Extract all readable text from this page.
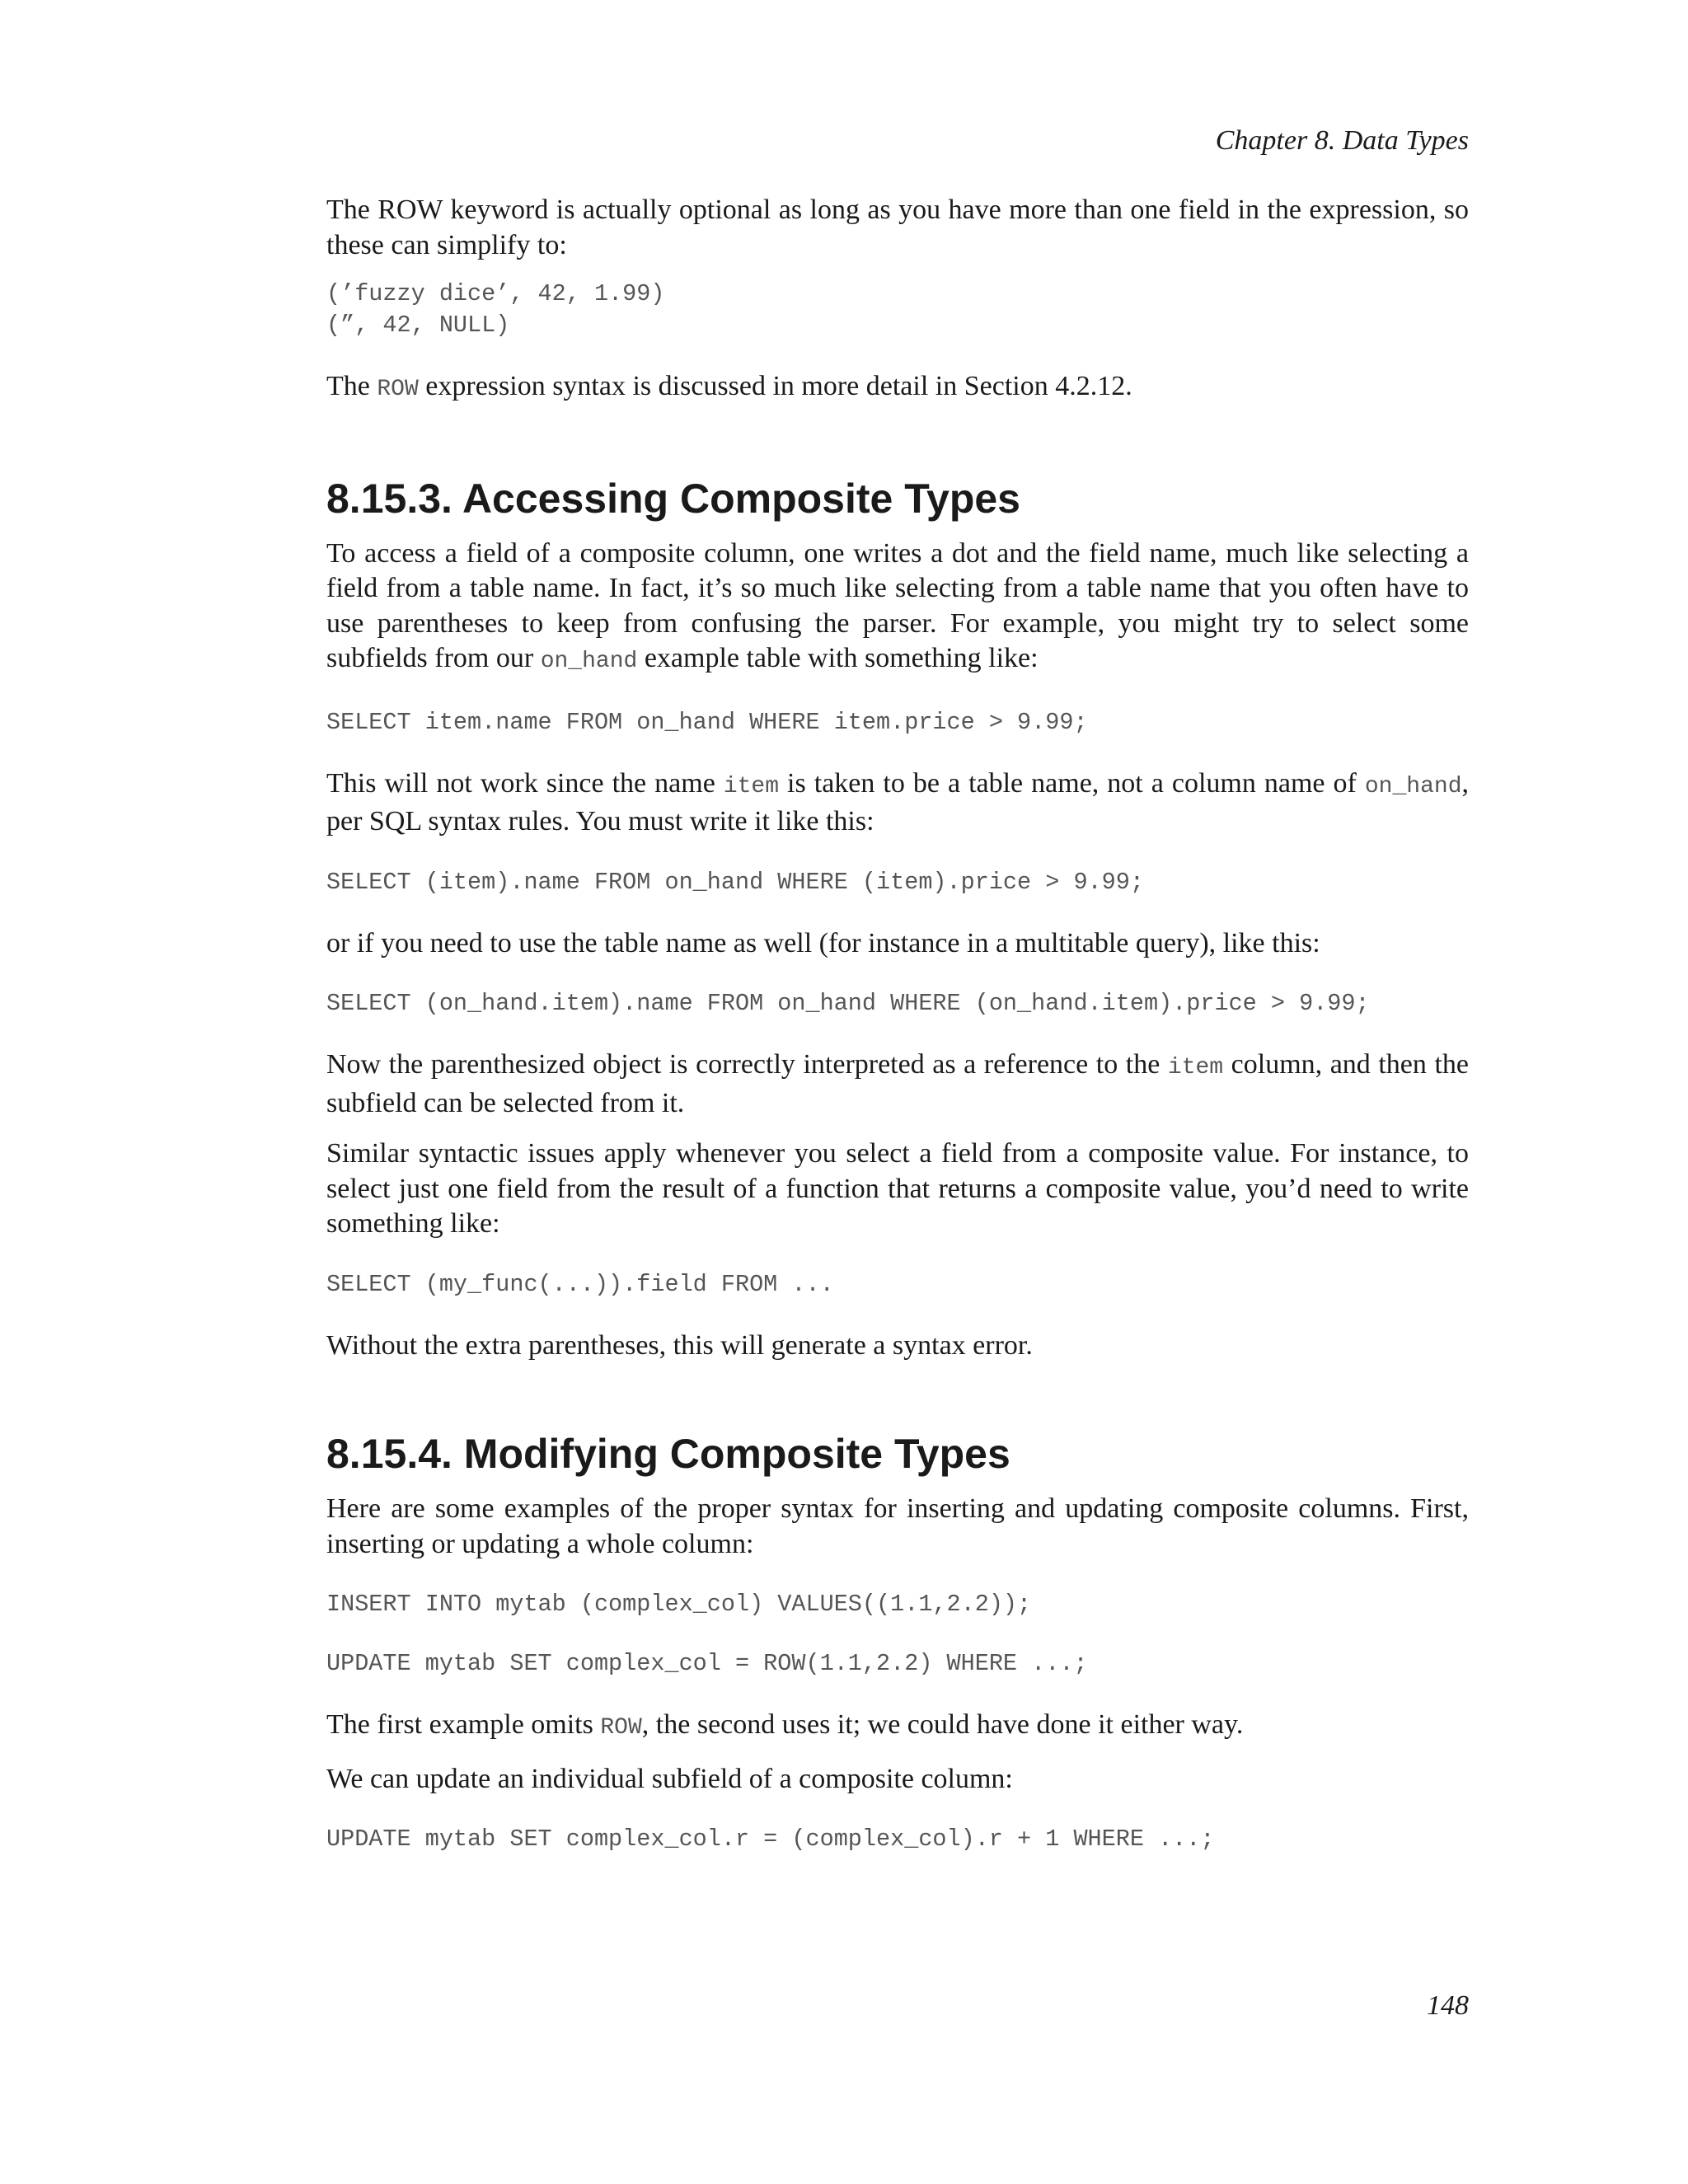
Chapter 8. Data Types

The ROW keyword is actually optional as long as you have more than one field in the expression, so these can simplify to:

(’fuzzy dice’, 42, 1.99)
(”, 42, NULL)

The ROW expression syntax is discussed in more detail in Section 4.2.12.

8.15.3. Accessing Composite Types

To access a field of a composite column, one writes a dot and the field name, much like selecting a field from a table name. In fact, it’s so much like selecting from a table name that you often have to use parentheses to keep from confusing the parser. For example, you might try to select some subfields from our on_hand example table with something like:

SELECT item.name FROM on_hand WHERE item.price > 9.99;

This will not work since the name item is taken to be a table name, not a column name of on_hand, per SQL syntax rules. You must write it like this:

SELECT (item).name FROM on_hand WHERE (item).price > 9.99;

or if you need to use the table name as well (for instance in a multitable query), like this:

SELECT (on_hand.item).name FROM on_hand WHERE (on_hand.item).price > 9.99;

Now the parenthesized object is correctly interpreted as a reference to the item column, and then the subfield can be selected from it.

Similar syntactic issues apply whenever you select a field from a composite value. For instance, to select just one field from the result of a function that returns a composite value, you’d need to write something like:

SELECT (my_func(...)).field FROM ...

Without the extra parentheses, this will generate a syntax error.

8.15.4. Modifying Composite Types

Here are some examples of the proper syntax for inserting and updating composite columns. First, inserting or updating a whole column:

INSERT INTO mytab (complex_col) VALUES((1.1,2.2));
UPDATE mytab SET complex_col = ROW(1.1,2.2) WHERE ...;

The first example omits ROW, the second uses it; we could have done it either way.

We can update an individual subfield of a composite column:

UPDATE mytab SET complex_col.r = (complex_col).r + 1 WHERE ...;

148
